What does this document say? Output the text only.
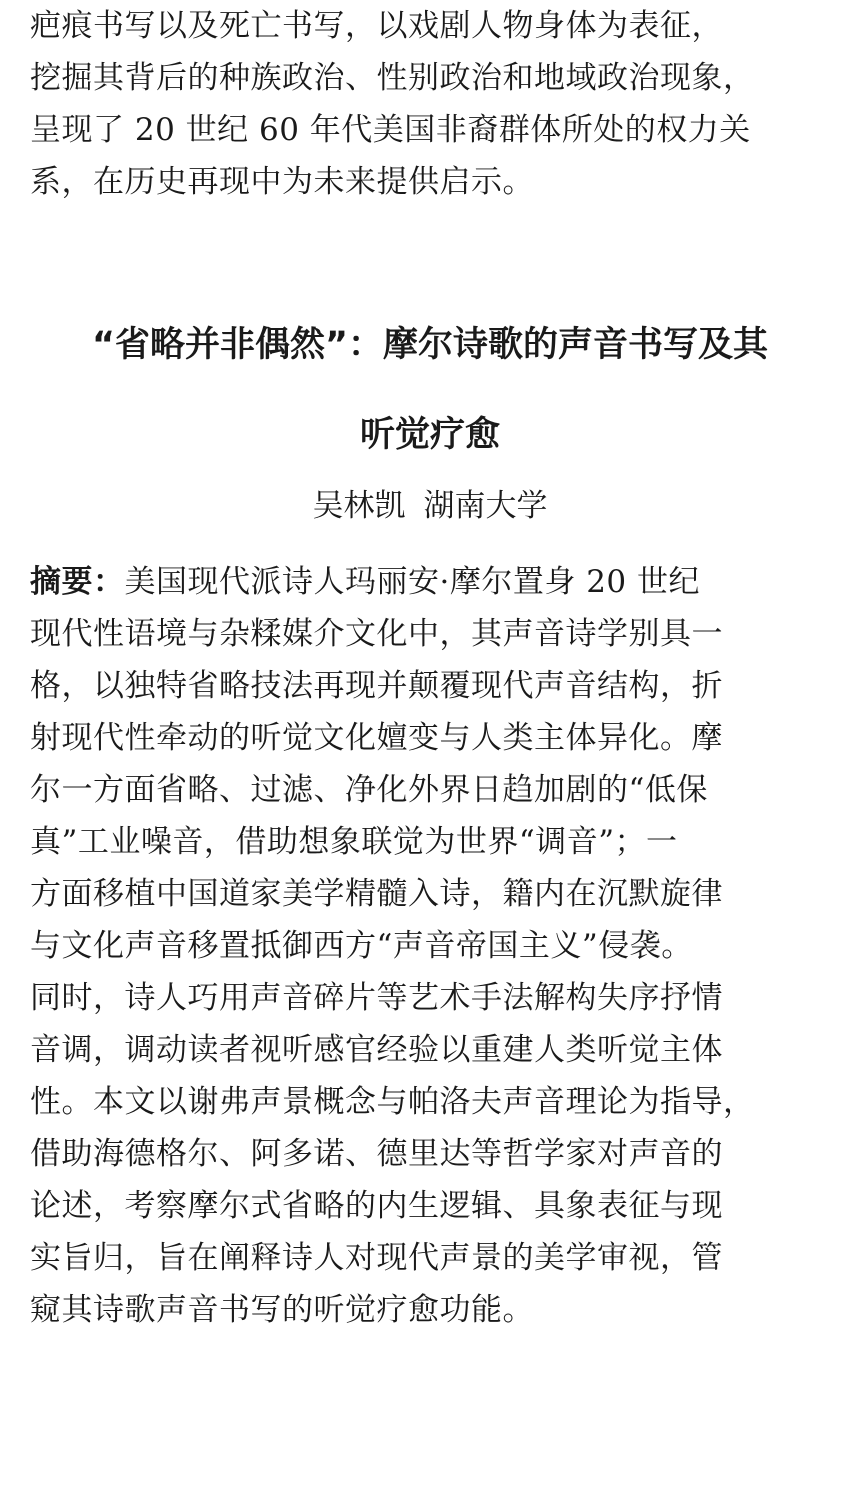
疤痕书写以及死亡书写，以戏剧人物身体为表征，
挖掘其背后的种族政治、性别政治和地域政治现象，
呈现了 20 世纪 60 年代美国非裔群体所处的权力关
系，在历史再现中为未来提供启示。
“省略并非偶然”：摩尔诗歌的声音书写及其
听觉疗愈

吴林凯 湖南大学

摘要：美国现代派诗人玛丽安·摩尔置身 20 世纪
现代性语境与杂糅媒介文化中，其声音诗学别具一
格，以独特省略技法再现并颠覆现代声音结构，折
射现代性牵动的听觉文化嬗变与人类主体异化。摩
尔一方面省略、过滤、净化外界日趋加剧的“低保
真”工业噪音，借助想象联觉为世界“调音”；一
方面移植中国道家美学精髓入诗，籍内在沉默旋律
与文化声音移置抵御西方“声音帝国主义”侵袭。
同时，诗人巧用声音碎片等艺术手法解构失序抒情
音调，调动读者视听感官经验以重建人类听觉主体
性。本文以谢弗声景概念与帕洛夫声音理论为指导，
借助海德格尔、阿多诺、德里达等哲学家对声音的
论述，考察摩尔式省略的内生逻辑、具象表征与现
实旨归，旨在阐释诗人对现代声景的美学审视，管
窥其诗歌声音书写的听觉疗愈功能。
